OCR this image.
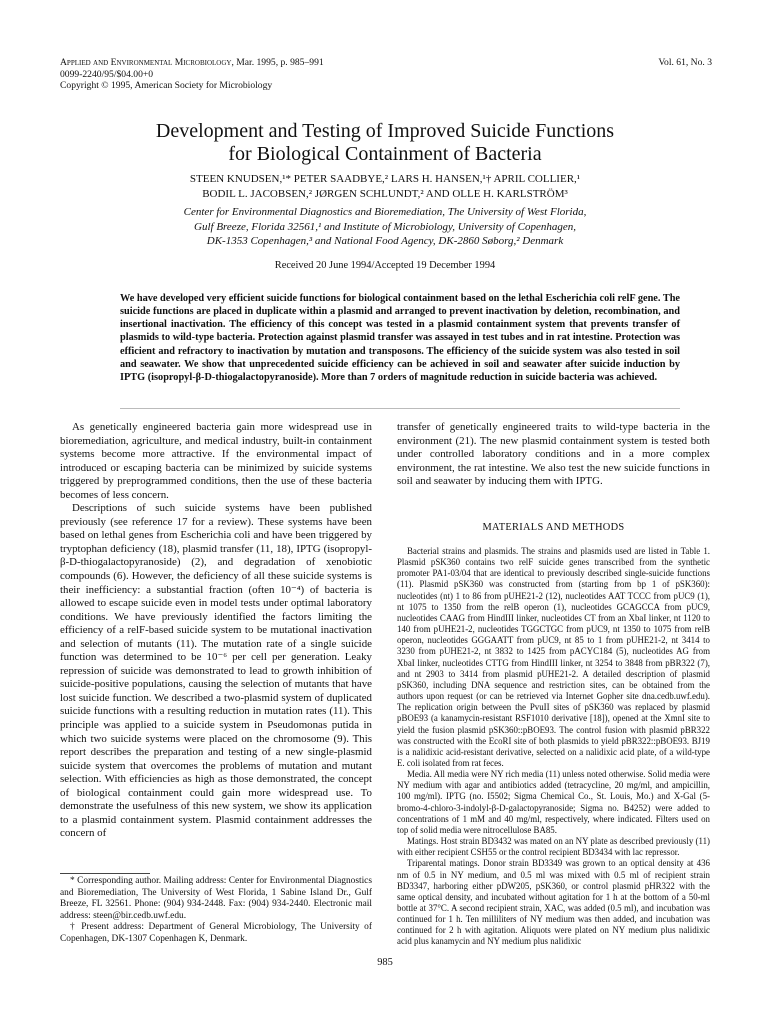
Applied and Environmental Microbiology, Mar. 1995, p. 985–991
0099-2240/95/$04.00+0
Copyright © 1995, American Society for Microbiology
Vol. 61, No. 3
Development and Testing of Improved Suicide Functions
for Biological Containment of Bacteria
STEEN KNUDSEN,¹* PETER SAADBYE,² LARS H. HANSEN,¹† APRIL COLLIER,¹
BODIL L. JACOBSEN,² JØRGEN SCHLUNDT,² AND OLLE H. KARLSTRÖM³
Center for Environmental Diagnostics and Bioremediation, The University of West Florida,
Gulf Breeze, Florida 32561,¹ and Institute of Microbiology, University of Copenhagen,
DK-1353 Copenhagen,³ and National Food Agency, DK-2860 Søborg,² Denmark
Received 20 June 1994/Accepted 19 December 1994
We have developed very efficient suicide functions for biological containment based on the lethal Escherichia coli relF gene. The suicide functions are placed in duplicate within a plasmid and arranged to prevent inactivation by deletion, recombination, and insertional inactivation. The efficiency of this concept was tested in a plasmid containment system that prevents transfer of plasmids to wild-type bacteria. Protection against plasmid transfer was assayed in test tubes and in rat intestine. Protection was efficient and refractory to inactivation by mutation and transposons. The efficiency of the suicide system was also tested in soil and seawater. We show that unprecedented suicide efficiency can be achieved in soil and seawater after suicide induction by IPTG (isopropyl-β-D-thiogalactopyranoside). More than 7 orders of magnitude reduction in suicide bacteria was achieved.

As genetically engineered bacteria gain more widespread use in bioremediation, agriculture, and medical industry, built-in containment systems become more attractive. If the environmental impact of introduced or escaping bacteria can be minimized by suicide systems triggered by preprogrammed conditions, then the use of these bacteria becomes of less concern.

Descriptions of such suicide systems have been published previously (see reference 17 for a review). These systems have been based on lethal genes from Escherichia coli and have been triggered by tryptophan deficiency (18), plasmid transfer (11, 18), IPTG (isopropyl-β-D-thiogalactopyranoside) (2), and degradation of xenobiotic compounds (6). However, the deficiency of all these suicide systems is their inefficiency: a substantial fraction (often 10⁻⁴) of bacteria is allowed to escape suicide even in model tests under optimal laboratory conditions. We have previously identified the factors limiting the efficiency of a relF-based suicide system to be mutational inactivation and selection of mutants (11). The mutation rate of a single suicide function was determined to be 10⁻⁶ per cell per generation. Leaky repression of suicide was demonstrated to lead to growth inhibition of suicide-positive populations, causing the selection of mutants that have lost suicide function. We described a two-plasmid system of duplicated suicide functions with a resulting reduction in mutation rates (11). This principle was applied to a suicide system in Pseudomonas putida in which two suicide systems were placed on the chromosome (9). This report describes the preparation and testing of a new single-plasmid suicide system that overcomes the problems of mutation and mutant selection. With efficiencies as high as those demonstrated, the concept of biological containment could gain more widespread use. To demonstrate the usefulness of this new system, we show its application to a plasmid containment system. Plasmid containment addresses the concern of

* Corresponding author. Mailing address: Center for Environmental Diagnostics and Bioremediation, The University of West Florida, 1 Sabine Island Dr., Gulf Breeze, FL 32561. Phone: (904) 934-2448. Fax: (904) 934-2440. Electronic mail address: steen@bir.cedb.uwf.edu.

† Present address: Department of General Microbiology, The University of Copenhagen, DK-1307 Copenhagen K, Denmark.

transfer of genetically engineered traits to wild-type bacteria in the environment (21). The new plasmid containment system is tested both under controlled laboratory conditions and in a more complex environment, the rat intestine. We also test the new suicide functions in soil and seawater by inducing them with IPTG.

MATERIALS AND METHODS

Bacterial strains and plasmids. The strains and plasmids used are listed in Table 1. Plasmid pSK360 contains two relF suicide genes transcribed from the synthetic promoter PA1-03/04 that are identical to previously described single-suicide functions (11). Plasmid pSK360 was constructed from (starting from bp 1 of pSK360): nucleotides (nt) 1 to 86 from pUHE21-2 (12), nucleotides AAT TCCC from pUC9 (1), nt 1075 to 1350 from the relB operon (1), nucleotides GCAGCCA from pUC9, nucleotides CAAG from HindIII linker, nucleotides CT from an XbaI linker, nt 1120 to 140 from pUHE21-2, nucleotides TGGCTGC from pUC9, nt 1350 to 1075 from relB operon, nucleotides GGGAATT from pUC9, nt 85 to 1 from pUHE21-2, nt 3414 to 3230 from pUHE21-2, nt 3832 to 1425 from pACYC184 (5), nucleotides AG from XbaI linker, nucleotides CTTG from HindIII linker, nt 3254 to 3848 from pBR322 (7), and nt 2903 to 3414 from plasmid pUHE21-2. A detailed description of plasmid pSK360, including DNA sequence and restriction sites, can be obtained from the authors upon request (or can be retrieved via Internet Gopher site dna.cedb.uwf.edu). The replication origin between the PvuII sites of pSK360 was replaced by plasmid pBOE93 (a kanamycin-resistant RSF1010 derivative [18]), opened at the XmnI site to yield the fusion plasmid pSK360::pBOE93. The control fusion with plasmid pBR322 was constructed with the EcoRI site of both plasmids to yield pBR322::pBOE93. BJ19 is a nalidixic acid-resistant derivative, selected on a nalidixic acid plate, of a wild-type E. coli isolated from rat feces.

Media. All media were NY rich media (11) unless noted otherwise. Solid media were NY medium with agar and antibiotics added (tetracycline, 20 mg/ml, and ampicillin, 100 mg/ml). IPTG (no. I5502; Sigma Chemical Co., St. Louis, Mo.) and X-Gal (5-bromo-4-chloro-3-indolyl-β-D-galactopyranoside; Sigma no. B4252) were added to concentrations of 1 mM and 40 mg/ml, respectively, where indicated. Filters used on top of solid media were nitrocellulose BA85.

Matings. Host strain BD3432 was mated on an NY plate as described previously (11) with either recipient CSH55 or the control recipient BD3434 with lac repressor.

Triparental matings. Donor strain BD3349 was grown to an optical density at 436 nm of 0.5 in NY medium, and 0.5 ml was mixed with 0.5 ml of recipient strain BD3347, harboring either pDW205, pSK360, or control plasmid pHR322 with the same optical density, and incubated without agitation for 1 h at the bottom of a 50-ml bottle at 37°C. A second recipient strain, XAC, was added (0.5 ml), and incubation was continued for 1 h. Ten milliliters of NY medium was then added, and incubation was continued for 2 h with agitation. Aliquots were plated on NY medium plus nalidixic acid plus kanamycin and NY medium plus nalidixic

985
